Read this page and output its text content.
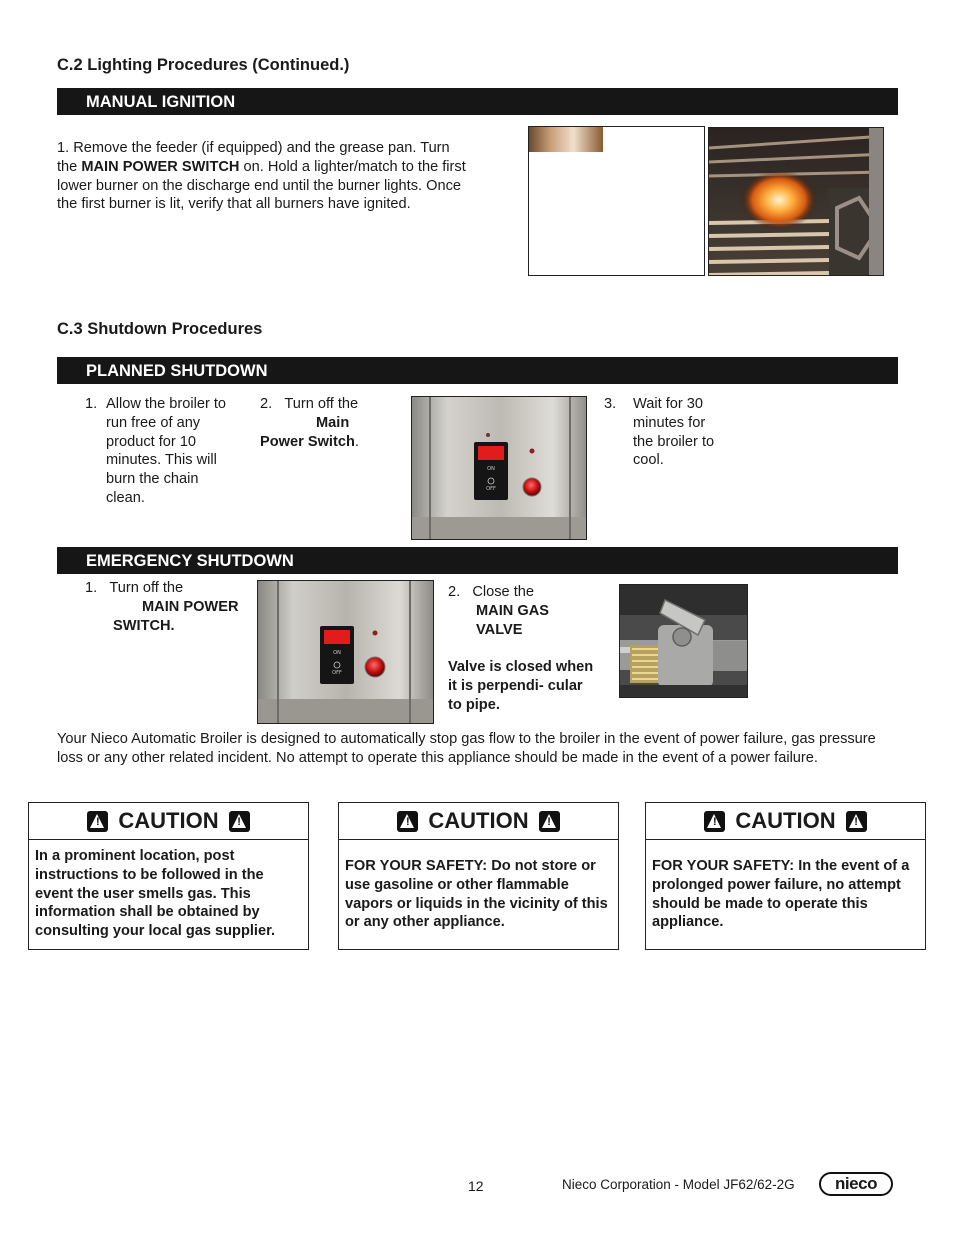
C.2 Lighting Procedures (Continued.)
MANUAL IGNITION
1. Remove the feeder (if equipped) and the grease pan. Turn the MAIN POWER SWITCH on. Hold a lighter/match to the first lower burner on the discharge end until the burner lights. Once the first burner is lit, verify that all burners have ignited.
C.3 Shutdown Procedures
PLANNED SHUTDOWN
1. Allow the broiler to run free of any product for 10 minutes. This will burn the chain clean.
2. Turn off the
Main Power Switch.
ON
OFF
3. Wait for 30 minutes for the broiler to cool.
EMERGENCY SHUTDOWN
1. Turn off the
MAIN POWER SWITCH.
ON
OFF
2. Close the
MAIN GAS VALVE
Valve is closed when it is perpendi- cular to pipe.
Your Nieco Automatic Broiler is designed to automatically stop gas flow to the broiler in the event of power failure, gas pressure loss or any other related incident. No attempt to operate this appliance should be made in the event of a power failure.
!
CAUTION
!
In a prominent location, post instructions to be followed in the event the user smells gas. This information shall be obtained by consulting your local gas supplier.
!
CAUTION
!
FOR YOUR SAFETY: Do not store or use gasoline or other flammable vapors or liquids in the vicinity of this or any other appliance.
!
CAUTION
!
FOR YOUR SAFETY: In the event of a prolonged power failure, no attempt should be made to operate this appliance.
12	Nieco Corporation - Model JF62/62-2G	nieco
